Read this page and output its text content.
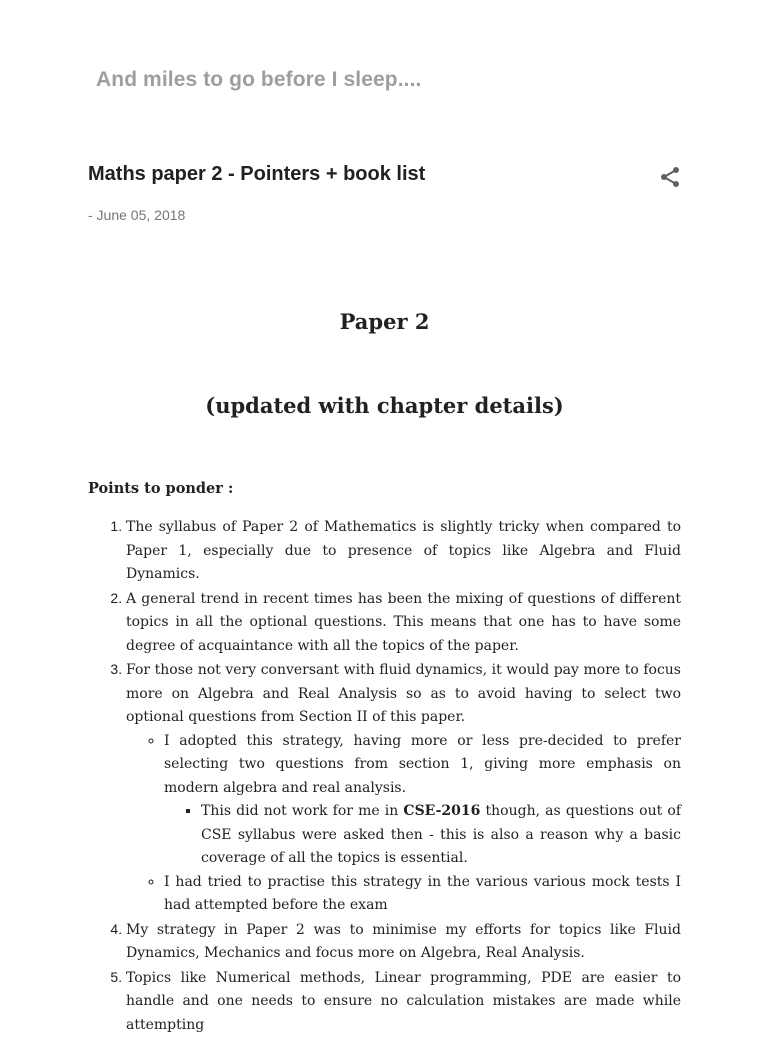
And miles to go before I sleep....
Maths paper 2 - Pointers + book list
- June 05, 2018
Paper 2
(updated with chapter details)
Points to ponder :
1. The syllabus of Paper 2 of Mathematics is slightly tricky when compared to Paper 1, especially due to presence of topics like Algebra and Fluid Dynamics.
2. A general trend in recent times has been the mixing of questions of different topics in all the optional questions. This means that one has to have some degree of acquaintance with all the topics of the paper.
3. For those not very conversant with fluid dynamics, it would pay more to focus more on Algebra and Real Analysis so as to avoid having to select two optional questions from Section II of this paper.
◦ I adopted this strategy, having more or less pre-decided to prefer selecting two questions from section 1, giving more emphasis on modern algebra and real analysis.
▪ This did not work for me in CSE-2016 though, as questions out of CSE syllabus were asked then - this is also a reason why a basic coverage of all the topics is essential.
◦ I had tried to practise this strategy in the various various mock tests I had attempted before the exam
4. My strategy in Paper 2 was to minimise my efforts for topics like Fluid Dynamics, Mechanics and focus more on Algebra, Real Analysis.
5. Topics like Numerical methods, Linear programming, PDE are easier to handle and one needs to ensure no calculation mistakes are made while attempting
